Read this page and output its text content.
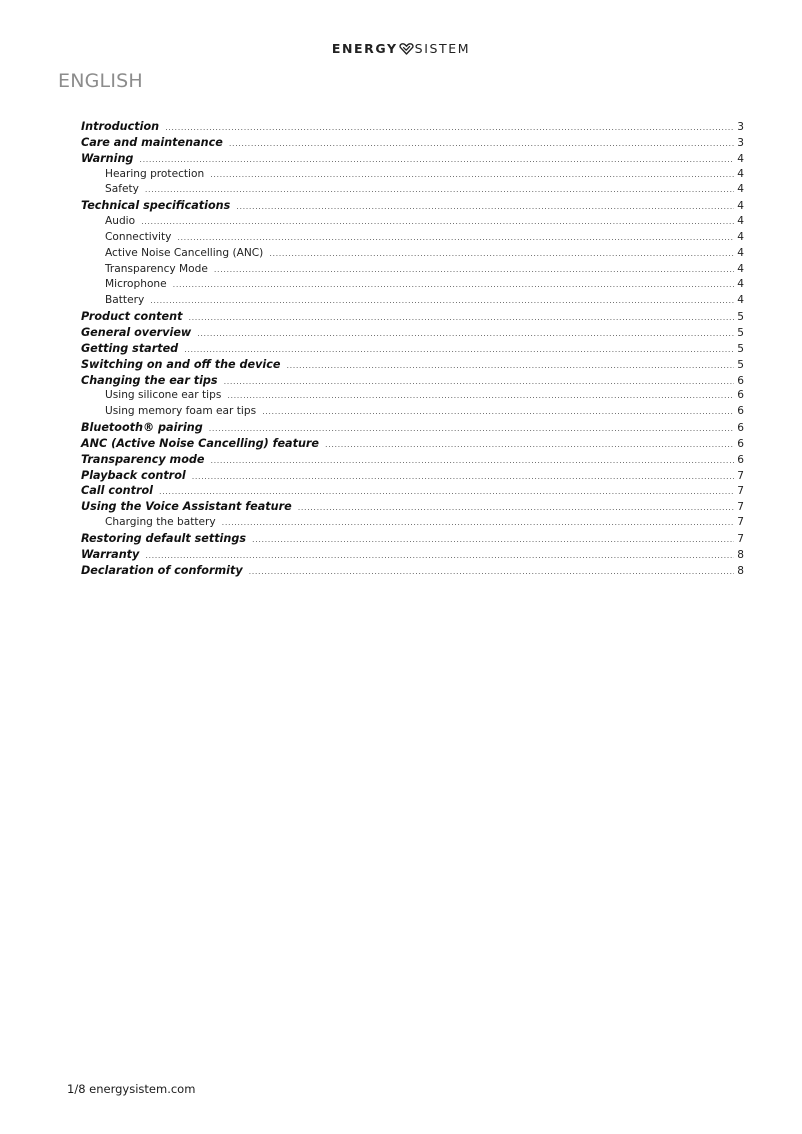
ENERGY SISTEM
ENGLISH
Introduction .....	3
Care and maintenance .....	3
Warning .....	4
Hearing protection .....	4
Safety .....	4
Technical specifications .....	4
Audio .....	4
Connectivity .....	4
Active Noise Cancelling (ANC) .....	4
Transparency Mode .....	4
Microphone .....	4
Battery .....	4
Product content .....	5
General overview .....	5
Getting started .....	5
Switching on and off the device .....	5
Changing the ear tips .....	6
Using silicone ear tips .....	6
Using memory foam ear tips .....	6
Bluetooth® pairing .....	6
ANC (Active Noise Cancelling) feature .....	6
Transparency mode .....	6
Playback control .....	7
Call control .....	7
Using the Voice Assistant feature .....	7
Charging the battery .....	7
Restoring default settings .....	7
Warranty .....	8
Declaration of conformity .....	8
1/8 energysistem.com
